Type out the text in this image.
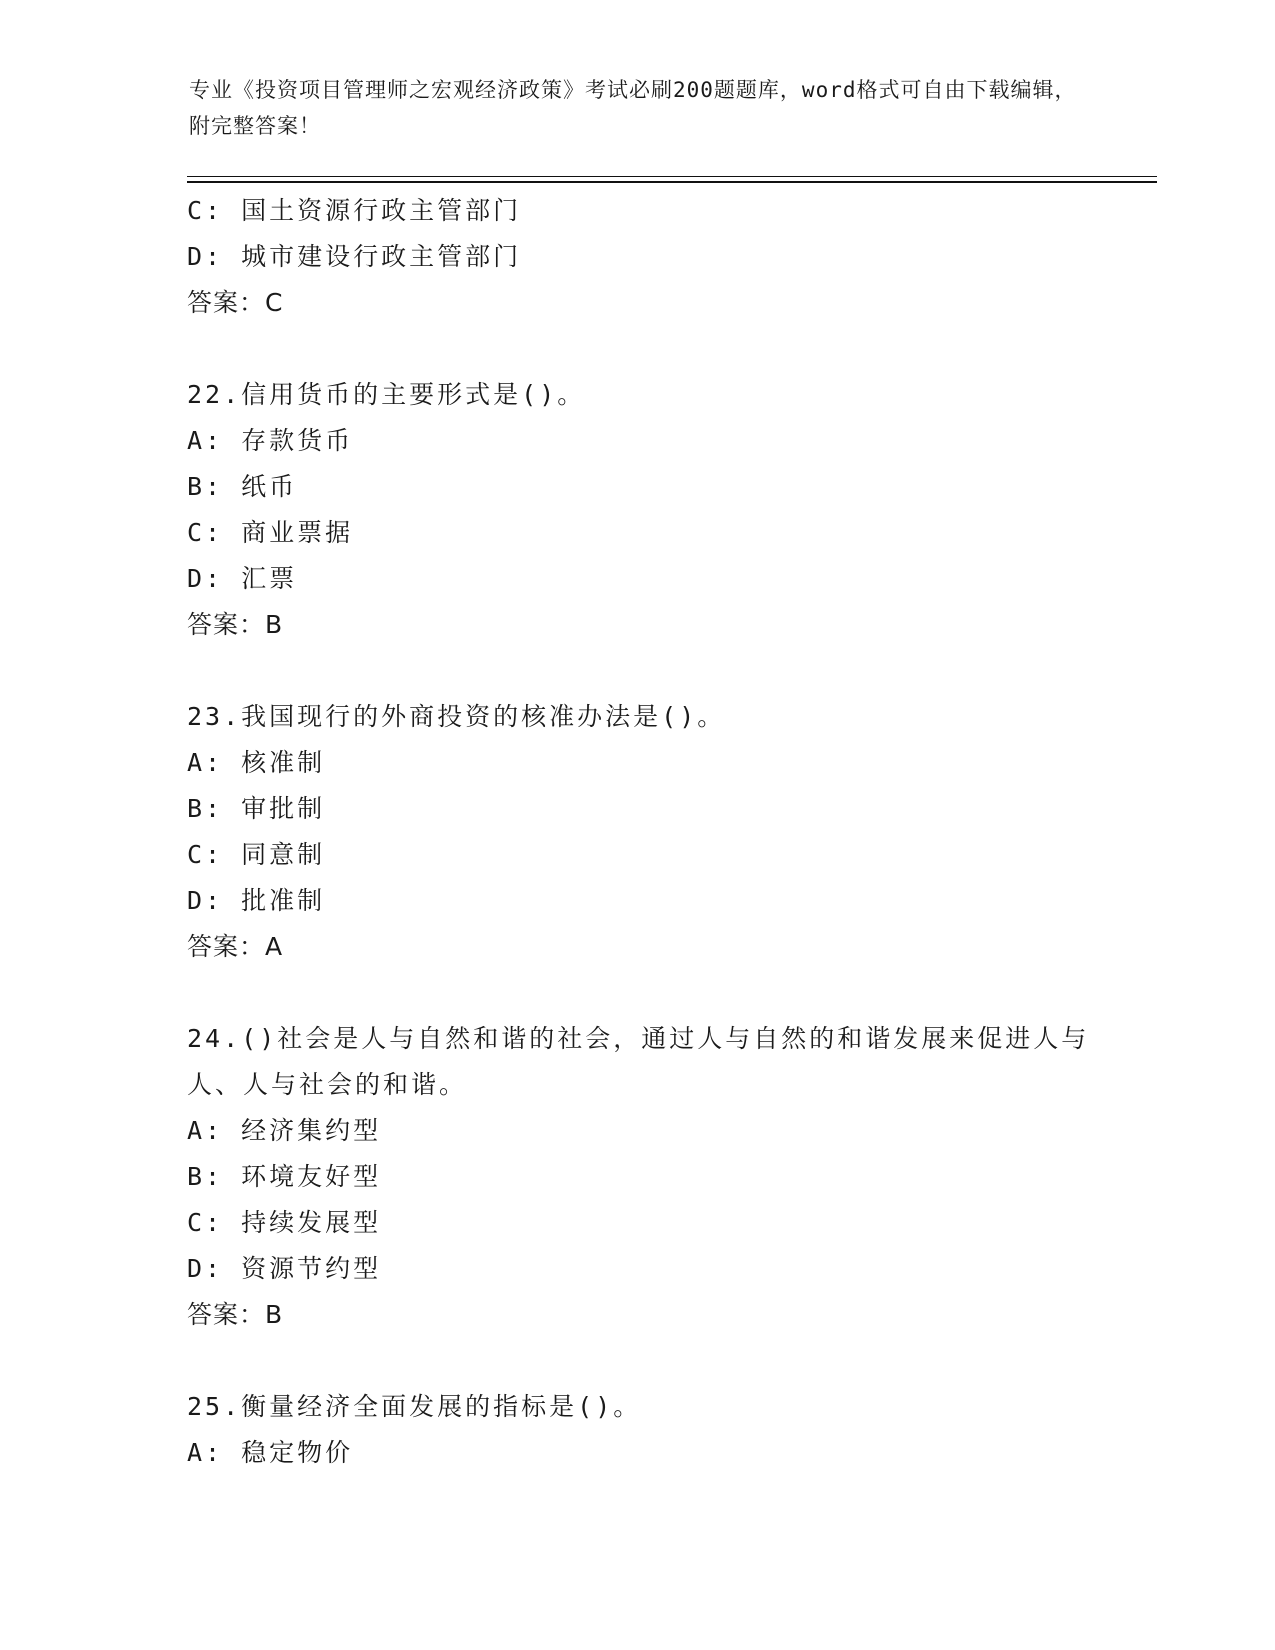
专业《投资项目管理师之宏观经济政策》考试必刷200题题库，word格式可自由下载编辑，附完整答案！
C: 国土资源行政主管部门
D: 城市建设行政主管部门
答案：C
22.信用货币的主要形式是()。
A: 存款货币
B: 纸币
C: 商业票据
D: 汇票
答案：B
23.我国现行的外商投资的核准办法是()。
A: 核准制
B: 审批制
C: 同意制
D: 批准制
答案：A
24.()社会是人与自然和谐的社会，通过人与自然的和谐发展来促进人与人、人与社会的和谐。
A: 经济集约型
B: 环境友好型
C: 持续发展型
D: 资源节约型
答案：B
25.衡量经济全面发展的指标是()。
A: 稳定物价
